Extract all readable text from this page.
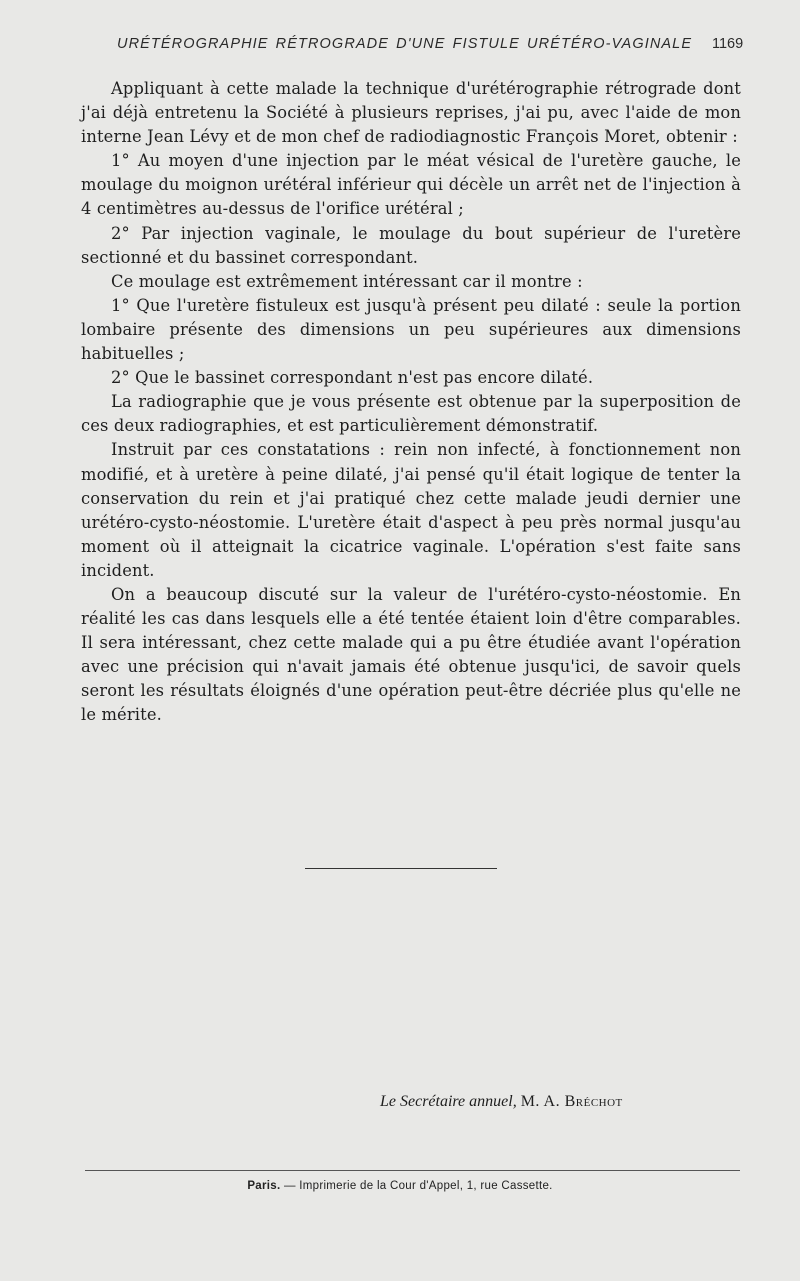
URÉTÉROGRAPHIE RÉTROGRADE D'UNE FISTULE URÉTÉRO-VAGINALE 1169

Appliquant à cette malade la technique d'urétérographie rétrograde dont j'ai déjà entretenu la Société à plusieurs reprises, j'ai pu, avec l'aide de mon interne Jean Lévy et de mon chef de radiodiagnostic François Moret, obtenir :

1° Au moyen d'une injection par le méat vésical de l'uretère gauche, le moulage du moignon urétéral inférieur qui décèle un arrêt net de l'injection à 4 centimètres au-dessus de l'orifice urétéral ;

2° Par injection vaginale, le moulage du bout supérieur de l'uretère sectionné et du bassinet correspondant.

Ce moulage est extrêmement intéressant car il montre :

1° Que l'uretère fistuleux est jusqu'à présent peu dilaté : seule la portion lombaire présente des dimensions un peu supérieures aux dimensions habituelles ;

2° Que le bassinet correspondant n'est pas encore dilaté.

La radiographie que je vous présente est obtenue par la superposition de ces deux radiographies, et est particulièrement démonstratif.

Instruit par ces constatations : rein non infecté, à fonctionnement non modifié, et à uretère à peine dilaté, j'ai pensé qu'il était logique de tenter la conservation du rein et j'ai pratiqué chez cette malade jeudi dernier une urétéro-cysto-néostomie. L'uretère était d'aspect à peu près normal jusqu'au moment où il atteignait la cicatrice vaginale. L'opération s'est faite sans incident.

On a beaucoup discuté sur la valeur de l'urétéro-cysto-néostomie. En réalité les cas dans lesquels elle a été tentée étaient loin d'être comparables. Il sera intéressant, chez cette malade qui a pu être étudiée avant l'opération avec une précision qui n'avait jamais été obtenue jusqu'ici, de savoir quels seront les résultats éloignés d'une opération peut-être décriée plus qu'elle ne le mérite.

Le Secrétaire annuel, M. A. Bréchot
Paris. — Imprimerie de la Cour d'Appel, 1, rue Cassette.
